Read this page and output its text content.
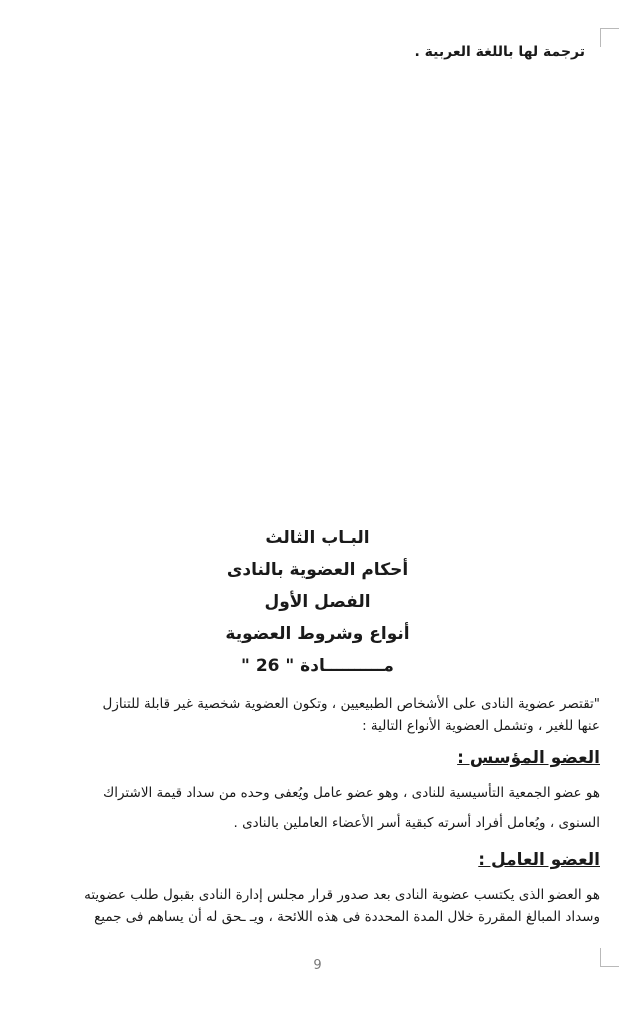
ترجمة لها باللغة العربية .
البـاب الثالث
أحكام العضوية بالنادى
الفصل الأول
أنواع وشروط العضوية
مــــــــــادة " 26 "
"تقتصر عضوية النادى على الأشخاص الطبيعيين ، وتكون العضوية شخصية غير قابلة للتنازل
عنها للغير ، وتشمل العضوية الأنواع التالية :
العضو المؤسس :
هو عضو الجمعية التأسيسية للنادى ، وهو عضو عامل ويُعفى وحده من سداد قيمة الاشتراك
السنوى ، ويُعامل أفراد أسرته كبقية أسر الأعضاء العاملين بالنادى .
العضو العامل :
هو العضو الذى يكتسب عضوية النادى بعد صدور قرار مجلس إدارة النادى بقبول طلب عضويته
وسداد المبالغ المقررة خلال المدة المحددة فى هذه اللائحة ، ويـ ـحق له أن يساهم فى جميع
9
